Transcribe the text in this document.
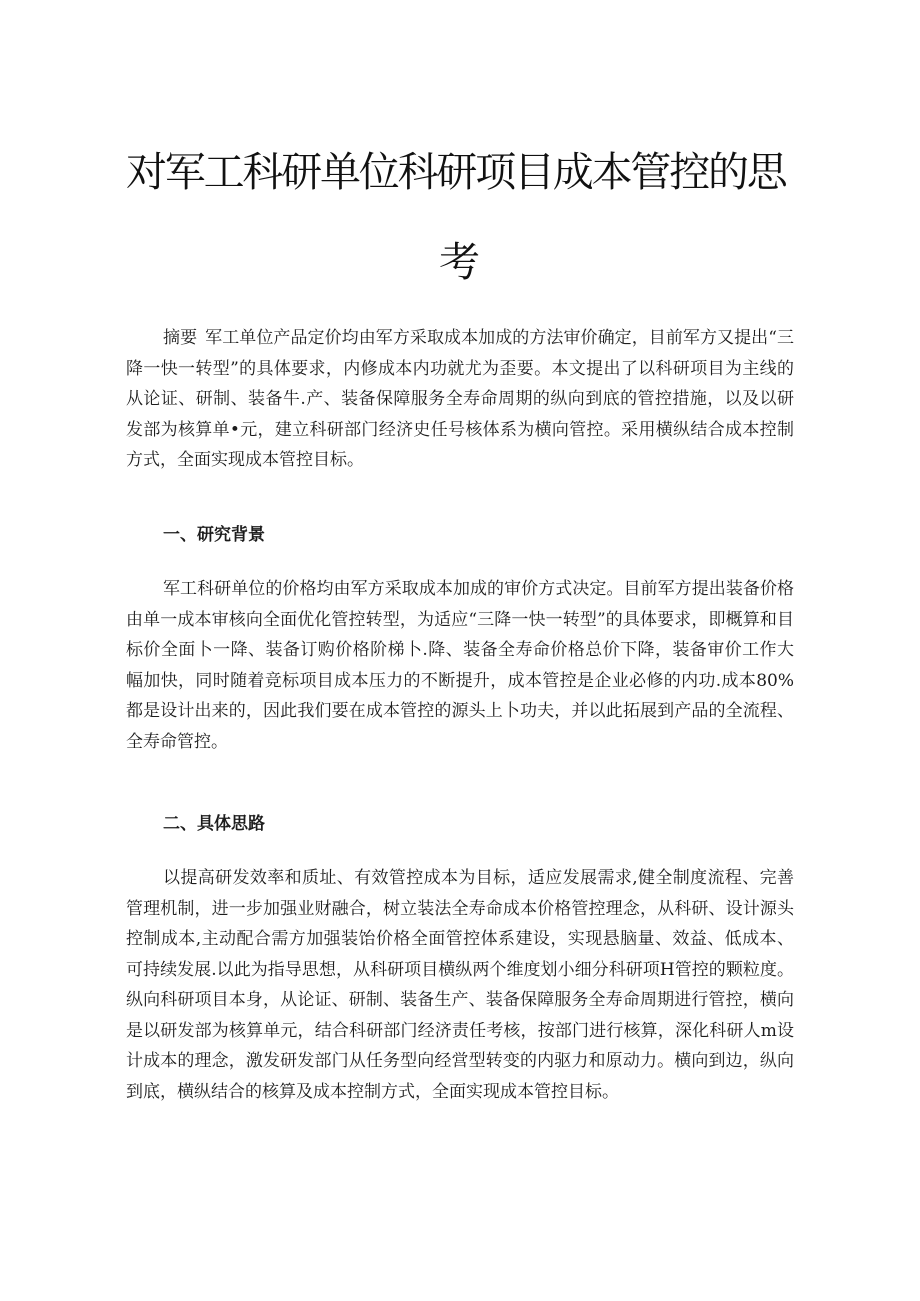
对军工科研单位科研项目成本管控的思
考

摘要 军工单位产品定价均由军方采取成本加成的方法审价确定，目前军方又提出“三降一快一转型”的具体要求，内修成本内功就尤为歪要。本文提出了以科研项目为主线的从论证、研制、装备牛.产、装备保障服务全寿命周期的纵向到底的管控措施，以及以研发部为核算单•元，建立科研部门经济史任号核体系为横向管控。采用横纵结合成本控制方式，全面实现成本管控目标。

一、研究背景

军工科研单位的价格均由军方采取成本加成的审价方式决定。目前军方提出装备价格由单一成本审核向全面优化管控转型，为适应“三降一快一转型”的具体要求，即概算和目标价全面卜一降、装备订购价格阶梯卜.降、装备全寿命价格总价下降，装备审价工作大幅加快，同时随着竞标项目成本压力的不断提升，成本管控是企业必修的内功.成本80%都是设计出来的，因此我们要在成本管控的源头上卜功夫，并以此拓展到产品的全流程、全寿命管控。

二、具体思路

以提高研发效率和质址、有效管控成本为目标，适应发展需求,健全制度流程、完善管理机制，进一步加强业财融合，树立装法全寿命成本价格管控理念，从科研、设计源头控制成本,主动配合需方加强装饴价格全面管控体系建设，实现悬脑量、效益、低成本、可持续发展.以此为指导思想，从科研项目横纵两个维度划小细分科研项H管控的颗粒度。纵向科研项目本身，从论证、研制、装备生产、装备保障服务全寿命周期进行管控，横向是以研发部为核算单元，结合科研部门经济责任考核，按部门进行核算，深化科研人m设计成本的理念，激发研发部门从任务型向经営型转变的内驱力和原动力。横向到边，纵向到底，横纵结合的核算及成本控制方式，全面实现成本管控目标。
